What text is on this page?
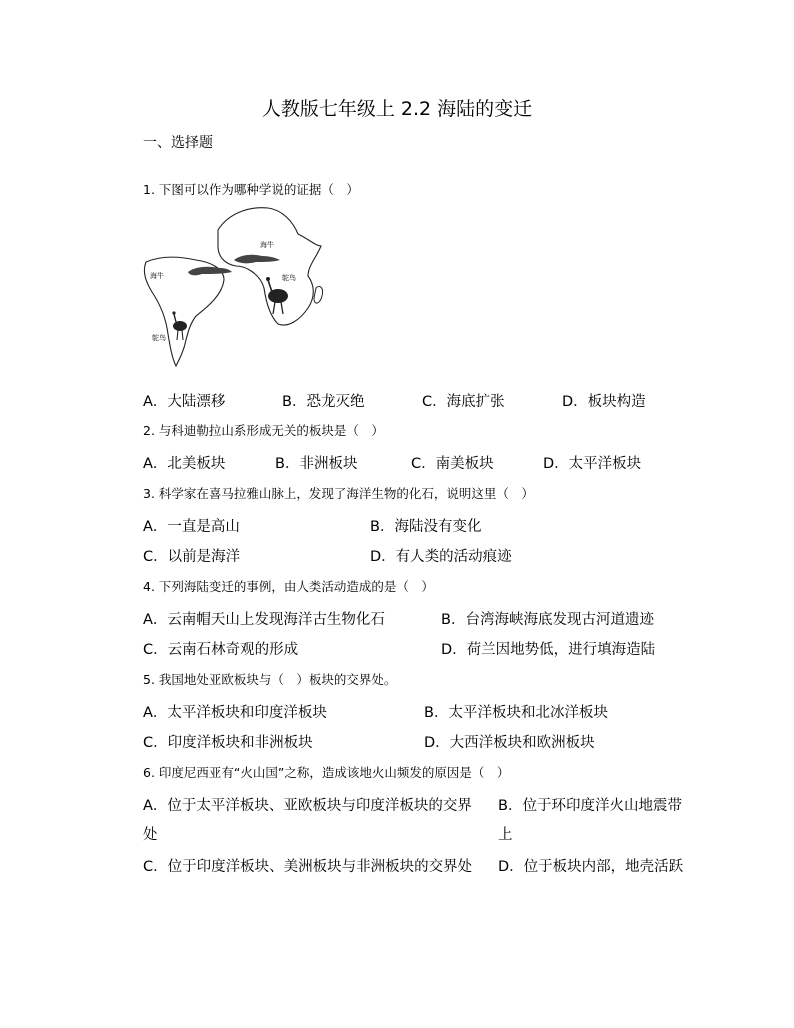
人教版七年级上 2.2 海陆的变迁
一、选择题
1. 下图可以作为哪种学说的证据（　）
海牛
鸵鸟
海牛
鸵鸟
A．大陆漂移	B．恐龙灭绝	C．海底扩张	D．板块构造
2. 与科迪勒拉山系形成无关的板块是（　）
A．北美板块	B．非洲板块	C．南美板块	D．太平洋板块
3. 科学家在喜马拉雅山脉上，发现了海洋生物的化石，说明这里（　）
A．一直是高山	B．海陆没有变化
C．以前是海洋	D．有人类的活动痕迹
4. 下列海陆变迁的事例，由人类活动造成的是（　）
A．云南帽天山上发现海洋古生物化石	B．台湾海峡海底发现古河道遗迹
C．云南石林奇观的形成	D．荷兰因地势低，进行填海造陆
5. 我国地处亚欧板块与（　）板块的交界处。
A．太平洋板块和印度洋板块	B．太平洋板块和北冰洋板块
C．印度洋板块和非洲板块	D．大西洋板块和欧洲板块
6. 印度尼西亚有“火山国”之称，造成该地火山频发的原因是（　）
A．位于太平洋板块、亚欧板块与印度洋板块的交界 B．位于环印度洋火山地震带
处	上
C．位于印度洋板块、美洲板块与非洲板块的交界处 D．位于板块内部，地壳活跃
